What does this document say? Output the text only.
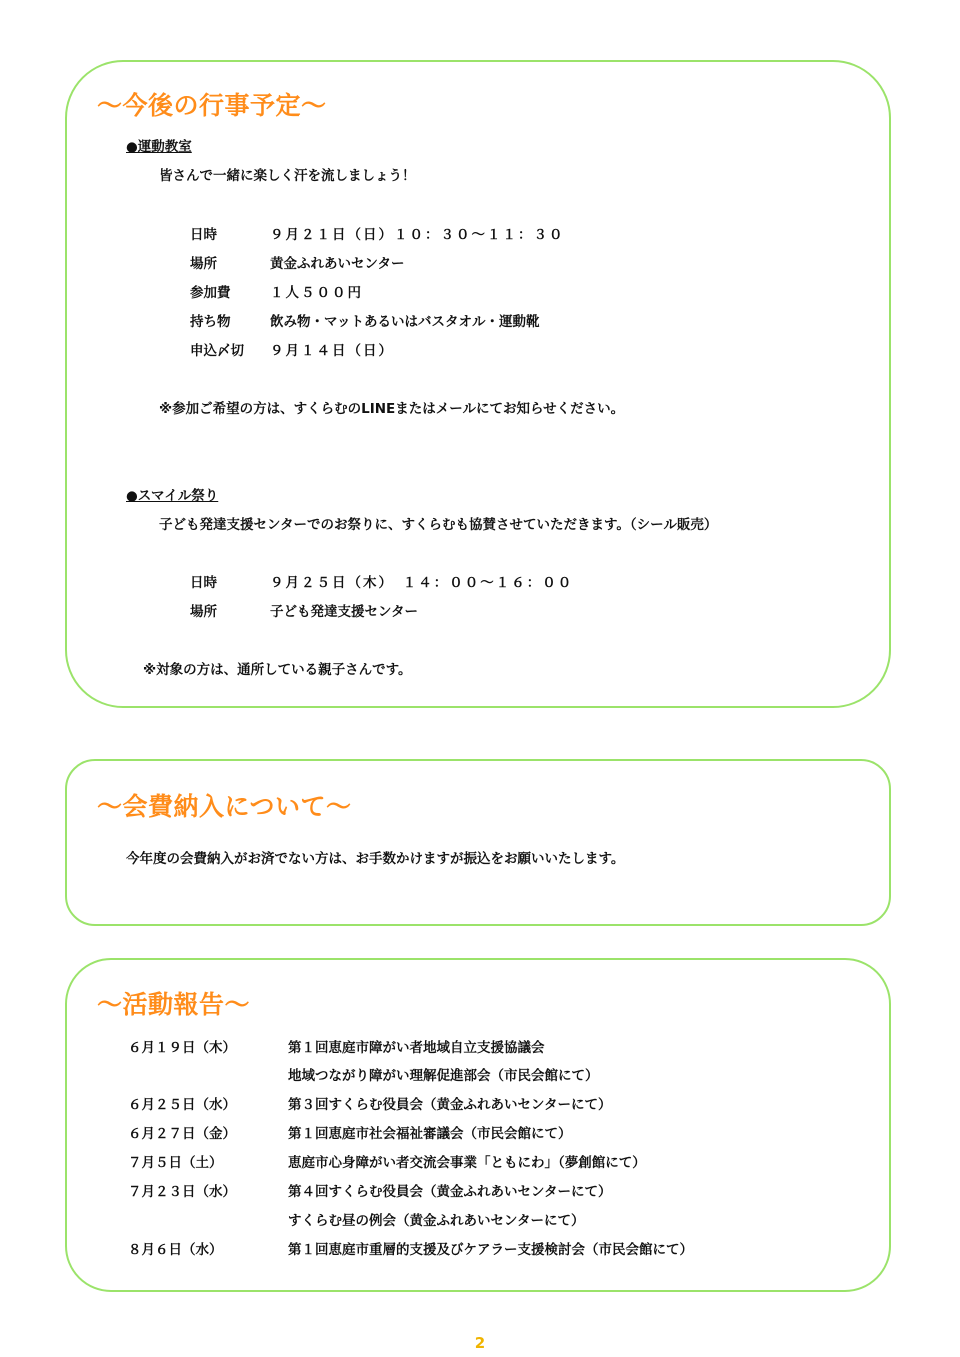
～今後の行事予定～
●運動教室
皆さんで一緒に楽しく汗を流しましょう！
日時	９月２１日（日）１０：３０～１１：３０
場所	黄金ふれあいセンター
参加費	１人５００円
持ち物	飲み物・マットあるいはバスタオル・運動靴
申込〆切 ９月１４日（日）
※参加ご希望の方は、すくらむのLINEまたはメールにてお知らせください。
●スマイル祭り
子ども発達支援センターでのお祭りに、すくらむも協賛させていただきます。（シール販売）
日時	９月２５日（木）　１４：００～１６：００
場所	子ども発達支援センター
※対象の方は、通所している親子さんです。
～会費納入について～
今年度の会費納入がお済でない方は、お手数かけますが振込をお願いいたします。
～活動報告～
６月１９日（木）	第１回恵庭市障がい者地域自立支援協議会
地域つながり障がい理解促進部会（市民会館にて）
６月２５日（水）	第３回すくらむ役員会（黄金ふれあいセンターにて）
６月２７日（金）	第１回恵庭市社会福祉審議会（市民会館にて）
７月５日（土）	恵庭市心身障がい者交流会事業「ともにわ」（夢創館にて）
７月２３日（水）	第４回すくらむ役員会（黄金ふれあいセンターにて）
すくらむ昼の例会（黄金ふれあいセンターにて）
８月６日（水）	第１回恵庭市重層的支援及びケアラー支援検討会（市民会館にて）
2
